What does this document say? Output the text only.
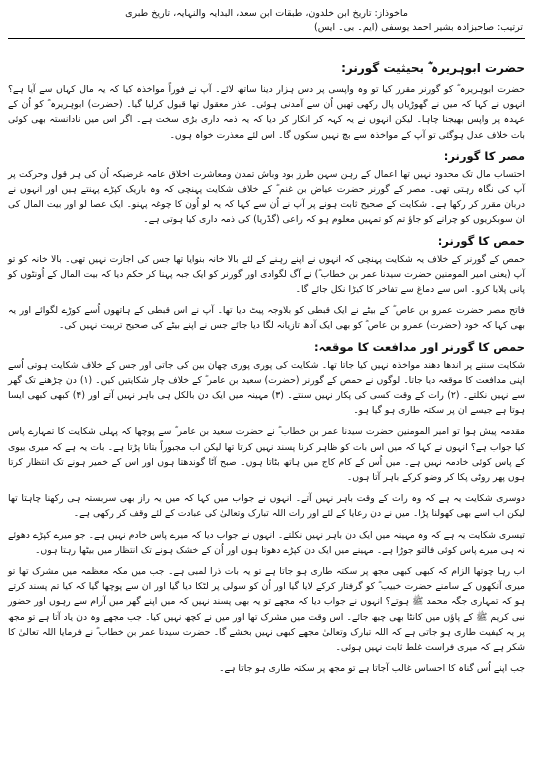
ماخوذاز: تاریخ ابن خلدون، طبقات ابن سعد، البدایہ والنہایہ، تاریخ طبری
ترتیب: صاحبزادہ بشیر احمد یوسفی (ایم۔ بی۔ ایس)
حضرت ابوہریرہ ؓ بحیثیت گورنر:

حضرت ابوہریرہ ؓ کو گورنر مقرر کیا تو وہ واپسی پر دس ہزار دینا ساتھ لائے۔ آپ نے فوراً مواخذہ کیا کہ یہ مال کہاں سے آیا ہے؟ انہوں نے کہا کہ میں نے گھوڑیاں پال رکھی تھیں اُن سے آمدنی ہوئی۔ عذر معقول تھا قبول کرلیا گیا۔ (حضرت) ابوہریرہ ؓ کو اُن کے عہدہ پر واپس بھیجنا چاہا۔ لیکن انہوں نے یہ کہہ کر انکار کر دیا کہ یہ ذمہ داری بڑی سخت ہے۔ اگر اس میں نادانستہ بھی کوئی بات خلاف عدل ہوگئی تو آپ کے مواخذہ سے بچ نہیں سکوں گا۔ اس لئے معذرت خواہ ہوں۔

مصر کا گورنر:

احتساب مال تک محدود نہیں تھا اعمال کے رہن سہن طرز بود وباش تمدن ومعاشرت اخلاق عامہ غرضیکہ اُن کی ہر قول وحرکت پر آپ کی نگاہ رہتی تھی۔ مصر کے گورنر حضرت عیاض بن غنم ؓ کے خلاف شکایت پہنچی کہ وہ باریک کپڑے پہنتے ہیں اور انہوں نے دربان مقرر کر رکھا ہے۔ شکایت کے صحیح ثابت ہونے پر آپ نے اُن سے کہا کہ یہ لو اُون کا چوغہ پہنو۔ ایک عصا لو اور بیت المال کی ان سوبکریوں کو چرانے کو جاؤ تم کو تمہیں معلوم ہو کہ راعی (گڈریا) کی ذمہ داری کیا ہوتی ہے۔

حمص کا گورنر:

حمص کے گورنر کے خلاف یہ شکایت پہنچی کہ انہوں نے اپنے رہنے کے لئے بالا خانہ بنوایا تھا جس کی اجازت نہیں تھی۔ بالا خانہ کو تو آپ (یعنی امیر المومنین حضرت سیدنا عمر بن خطاب ؓ) نے آگ لگوادی اور گورنر کو ایک جبہ پہنا کر حکم دیا کہ بیت المال کے اُونٹوں کو پانی پلایا کرو۔ اس سے دماغ سے تفاخر کا کیڑا نکل جائے گا۔

فاتح مصر حضرت عمرو بن عاص ؓ کے بیٹے نے ایک قبطی کو بلاوجہ پیٹ دیا تھا۔ آپ نے اس قبطی کے ہاتھوں اُسے کوڑے لگوائے اور یہ بھی کہا کہ خود (حضرت) عمرو بن عاص ؓ کو بھی ایک آدھ تازیانہ لگا دیا جائے جس نے اپنے بیٹے کی صحیح تربیت نہیں کی۔

حمص کا گورنر اور مدافعت کا موقعہ:

شکایت سننے پر اندھا دھند مواخذہ نہیں کیا جاتا تھا۔ شکایت کی پوری پوری چھان بین کی جاتی اور جس کے خلاف شکایت ہوتی اُسے اپنی مدافعت کا موقعہ دیا جاتا۔ لوگوں نے حمص کے گورنر (حضرت) سعید بن عامر ؓ کے خلاف چار شکایتیں کیں۔ (۱) دن چڑھنے تک گھر سے نہیں نکلتے۔ (۲) رات کے وقت کسی کی پکار نہیں سنتے۔ (۳) مہینہ میں ایک دن بالکل ہی باہر نہیں آتے اور (۴) کبھی کبھی ایسا ہوتا ہے جیسے ان پر سکتہ طاری ہو گیا ہو۔

مقدمہ پیش ہوا تو امیر المومنین حضرت سیدنا عمر بن خطاب ؓ نے حضرت سعید بن عامر ؓ سے پوچھا کہ پہلی شکایت کا تمہارے پاس کیا جواب ہے؟ انہوں نے کہا کہ میں اس بات کو ظاہر کرنا پسند نہیں کرتا تھا لیکن اب مجبوراً بتانا پڑتا ہے۔ بات یہ ہے کہ میری بیوی کے پاس کوئی خادمہ نہیں ہے۔ میں اُس کے کام کاج میں ہاتھ بٹاتا ہوں۔ صبح آٹا گوندھتا ہوں اور اس کے خمیر ہونے تک انتظار کرتا ہوں پھر روٹی پکا کر وضو کرکے باہر آتا ہوں۔

دوسری شکایت یہ ہے کہ وہ رات کے وقت باہر نہیں آتے۔ انہوں نے جواب میں کہا کہ میں یہ راز بھی سربستہ ہی رکھنا چاہتا تھا لیکن اب اسے بھی کھولنا پڑا۔ میں نے دن رعایا کے لئے اور رات اللہ تبارک وتعالیٰ کی عبادت کے لئے وقف کر رکھی ہے۔

تیسری شکایت یہ ہے کہ وہ مہینہ میں ایک دن باہر نہیں نکلتے۔ انہوں نے جواب دیا کہ میرے پاس خادم نہیں ہے۔ جو میرے کپڑے دھوئے نہ ہی میرے پاس کوئی فالتو جوڑا ہے۔ مہینے میں ایک دن کپڑے دھوتا ہوں اور اُن کے خشک ہونے تک انتظار میں بیٹھا رہتا ہوں۔

اب رہا چوتھا الزام کہ کبھی کبھی مجھ پر سکتہ طاری ہو جاتا ہے تو یہ بات ذرا لمبی ہے۔ جب میں مکہ معظمہ میں مشرک تھا تو میری آنکھوں کے سامنے حضرت خبیب ؓ کو گرفتار کرکے لایا گیا اور اُن کو سولی پر لٹکا دیا گیا اور ان سے پوچھا گیا کہ کیا تم پسند کرتے ہو کہ تمہاری جگہ محمد ﷺ ہوتے؟ انہوں نے جواب دیا کہ مجھے تو یہ بھی پسند نہیں کہ میں اپنے گھر میں آرام سے رہوں اور حضور نبی کریم ﷺ کے پاؤں میں کانٹا بھی چبھ جائے۔ اس وقت میں مشرک تھا اور میں نے کچھ نہیں کیا۔ جب مجھے وہ دن یاد آتا ہے تو مجھ پر یہ کیفیت طاری ہو جاتی ہے کہ اللہ تبارک وتعالیٰ مجھے کبھی نہیں بخشے گا۔ حضرت سیدنا عمر بن خطاب ؓ نے فرمایا اللہ تعالیٰ کا شکر ہے کہ میری فراست غلط ثابت نہیں ہوئی۔

جب اپنے اُس گناہ کا احساس غالب آجاتا ہے تو مجھ پر سکتہ طاری ہو جاتا ہے۔
